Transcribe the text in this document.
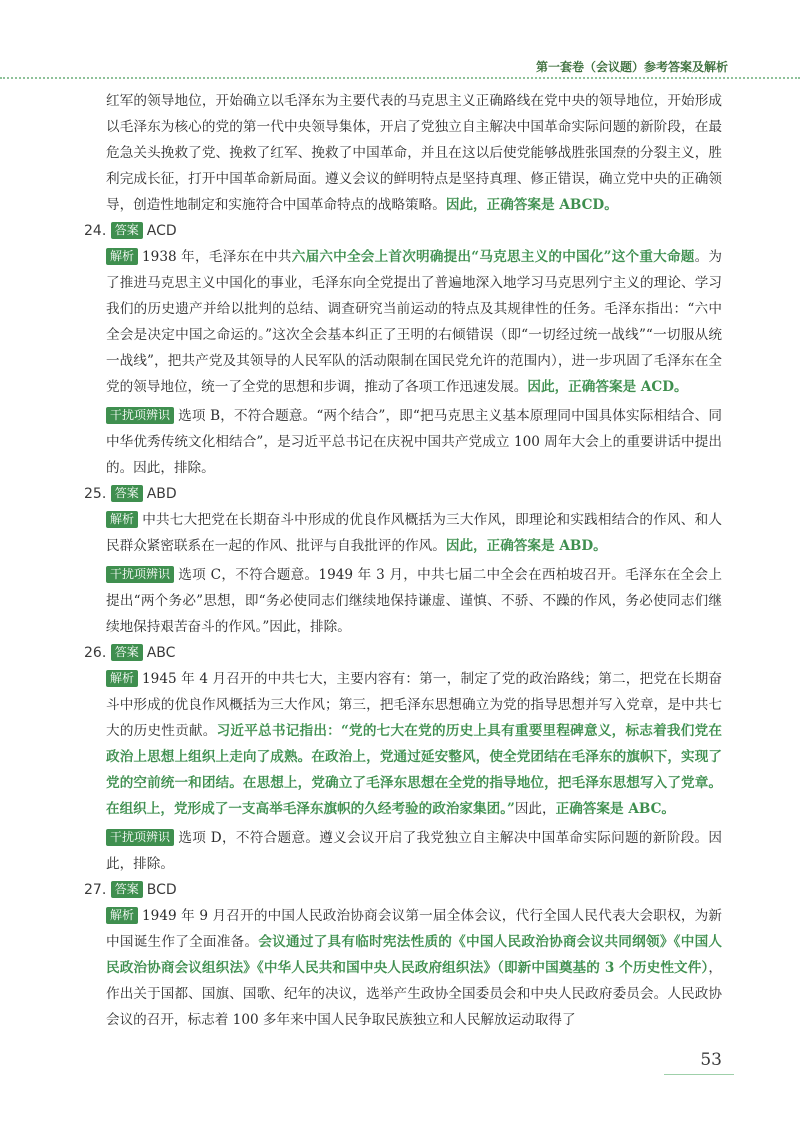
第一套卷（会议题）参考答案及解析

红军的领导地位，开始确立以毛泽东为主要代表的马克思主义正确路线在党中央的领导地位，开始形成以毛泽东为核心的党的第一代中央领导集体，开启了党独立自主解决中国革命实际问题的新阶段，在最危急关头挽救了党、挽救了红军、挽救了中国革命，并且在这以后使党能够战胜张国焘的分裂主义，胜利完成长征，打开中国革命新局面。遵义会议的鲜明特点是坚持真理、修正错误，确立党中央的正确领导，创造性地制定和实施符合中国革命特点的战略策略。因此，正确答案是 ABCD。

24. 答案 ACD

解析 1938 年，毛泽东在中共六届六中全会上首次明确提出“马克思主义的中国化”这个重大命题。为了推进马克思主义中国化的事业，毛泽东向全党提出了普遍地深入地学习马克思列宁主义的理论、学习我们的历史遗产并给以批判的总结、调查研究当前运动的特点及其规律性的任务。毛泽东指出：“六中全会是决定中国之命运的。”这次全会基本纠正了王明的右倾错误（即“一切经过统一战线”“一切服从统一战线”，把共产党及其领导的人民军队的活动限制在国民党允许的范围内），进一步巩固了毛泽东在全党的领导地位，统一了全党的思想和步调，推动了各项工作迅速发展。因此，正确答案是 ACD。

干扰项辨识 选项 B，不符合题意。“两个结合”，即“把马克思主义基本原理同中国具体实际相结合、同中华优秀传统文化相结合”，是习近平总书记在庆祝中国共产党成立 100 周年大会上的重要讲话中提出的。因此，排除。

25. 答案 ABD

解析 中共七大把党在长期奋斗中形成的优良作风概括为三大作风，即理论和实践相结合的作风、和人民群众紧密联系在一起的作风、批评与自我批评的作风。因此，正确答案是 ABD。

干扰项辨识 选项 C，不符合题意。1949 年 3 月，中共七届二中全会在西柏坡召开。毛泽东在全会上提出“两个务必”思想，即“务必使同志们继续地保持谦虚、谨慎、不骄、不躁的作风，务必使同志们继续地保持艰苦奋斗的作风。”因此，排除。

26. 答案 ABC

解析 1945 年 4 月召开的中共七大，主要内容有：第一，制定了党的政治路线；第二，把党在长期奋斗中形成的优良作风概括为三大作风；第三，把毛泽东思想确立为党的指导思想并写入党章，是中共七大的历史性贡献。习近平总书记指出：“党的七大在党的历史上具有重要里程碑意义，标志着我们党在政治上思想上组织上走向了成熟。在政治上，党通过延安整风，使全党团结在毛泽东的旗帜下，实现了党的空前统一和团结。在思想上，党确立了毛泽东思想在全党的指导地位，把毛泽东思想写入了党章。在组织上，党形成了一支高举毛泽东旗帜的久经考验的政治家集团。”因此，正确答案是 ABC。

干扰项辨识 选项 D，不符合题意。遵义会议开启了我党独立自主解决中国革命实际问题的新阶段。因此，排除。

27. 答案 BCD

解析 1949 年 9 月召开的中国人民政治协商会议第一届全体会议，代行全国人民代表大会职权，为新中国诞生作了全面准备。会议通过了具有临时宪法性质的《中国人民政治协商会议共同纲领》《中国人民政治协商会议组织法》《中华人民共和国中央人民政府组织法》（即新中国奠基的 3 个历史性文件），作出关于国都、国旗、国歌、纪年的决议，选举产生政协全国委员会和中央人民政府委员会。人民政协会议的召开，标志着 100 多年来中国人民争取民族独立和人民解放运动取得了

53
